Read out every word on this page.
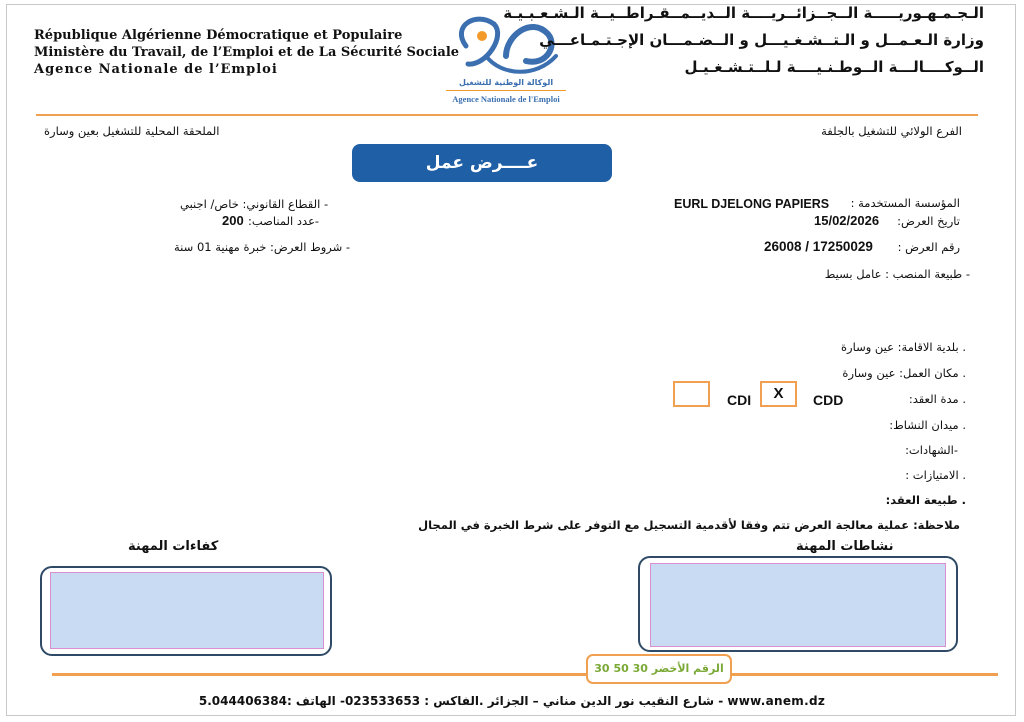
République Algérienne Démocratique et Populaire
Ministère du Travail, de l’Emploi et de La Sécurité Sociale
Agence Nationale de l’Emploi
الوكالة الوطنية للتشغيل
Agence Nationale de l'Emploi
الـجـمـهـوريـــــة الــجــزائــريــــة الــديــمــقـراطــيــة الـشـعـبـيـة
وزارة الـعـمــل و الـتــشـغـيـــل و الــضـمـــان الإجـتـمـاعـــي
الــوكــــالـــة الــوطـنـيــــة لـلــتـشـغـيـل
الفرع الولائي للتشغيل بالجلفة
الملحقة المحلية للتشغيل بعين وسارة
عــــرض عمل
المؤسسة المستخدمة :
EURL DJELONG PAPIERS
تاريخ العرض:
15/02/2026
رقم العرض :
26008 / 17250029
- طبيعة المنصب : عامل بسيط
- القطاع القانوني: خاص/ اجنبي
-عدد المناصب:
200
- شروط العرض: خبرة مهنية 01 سنة
. بلدية الاقامة: عين وسارة
. مكان العمل: عين وسارة
. مدة العقد:
X	CDD
CDI
. ميدان النشاط:
-الشهادات:
. الامتيازات :
. طبيعة العقد:
ملاحظة: عملية معالجة العرض تتم وفقا لأقدمية التسجيل مع التوفر على شرط الخبرة في المجال
نشاطات المهنة
كفاءات المهنة
الرقم الأخضر 30 50 30
5.شارع النقيب نور الدين مناني – الجزائر .الفاكس : 023533653- الهاتف :044406384 - www.anem.dz
